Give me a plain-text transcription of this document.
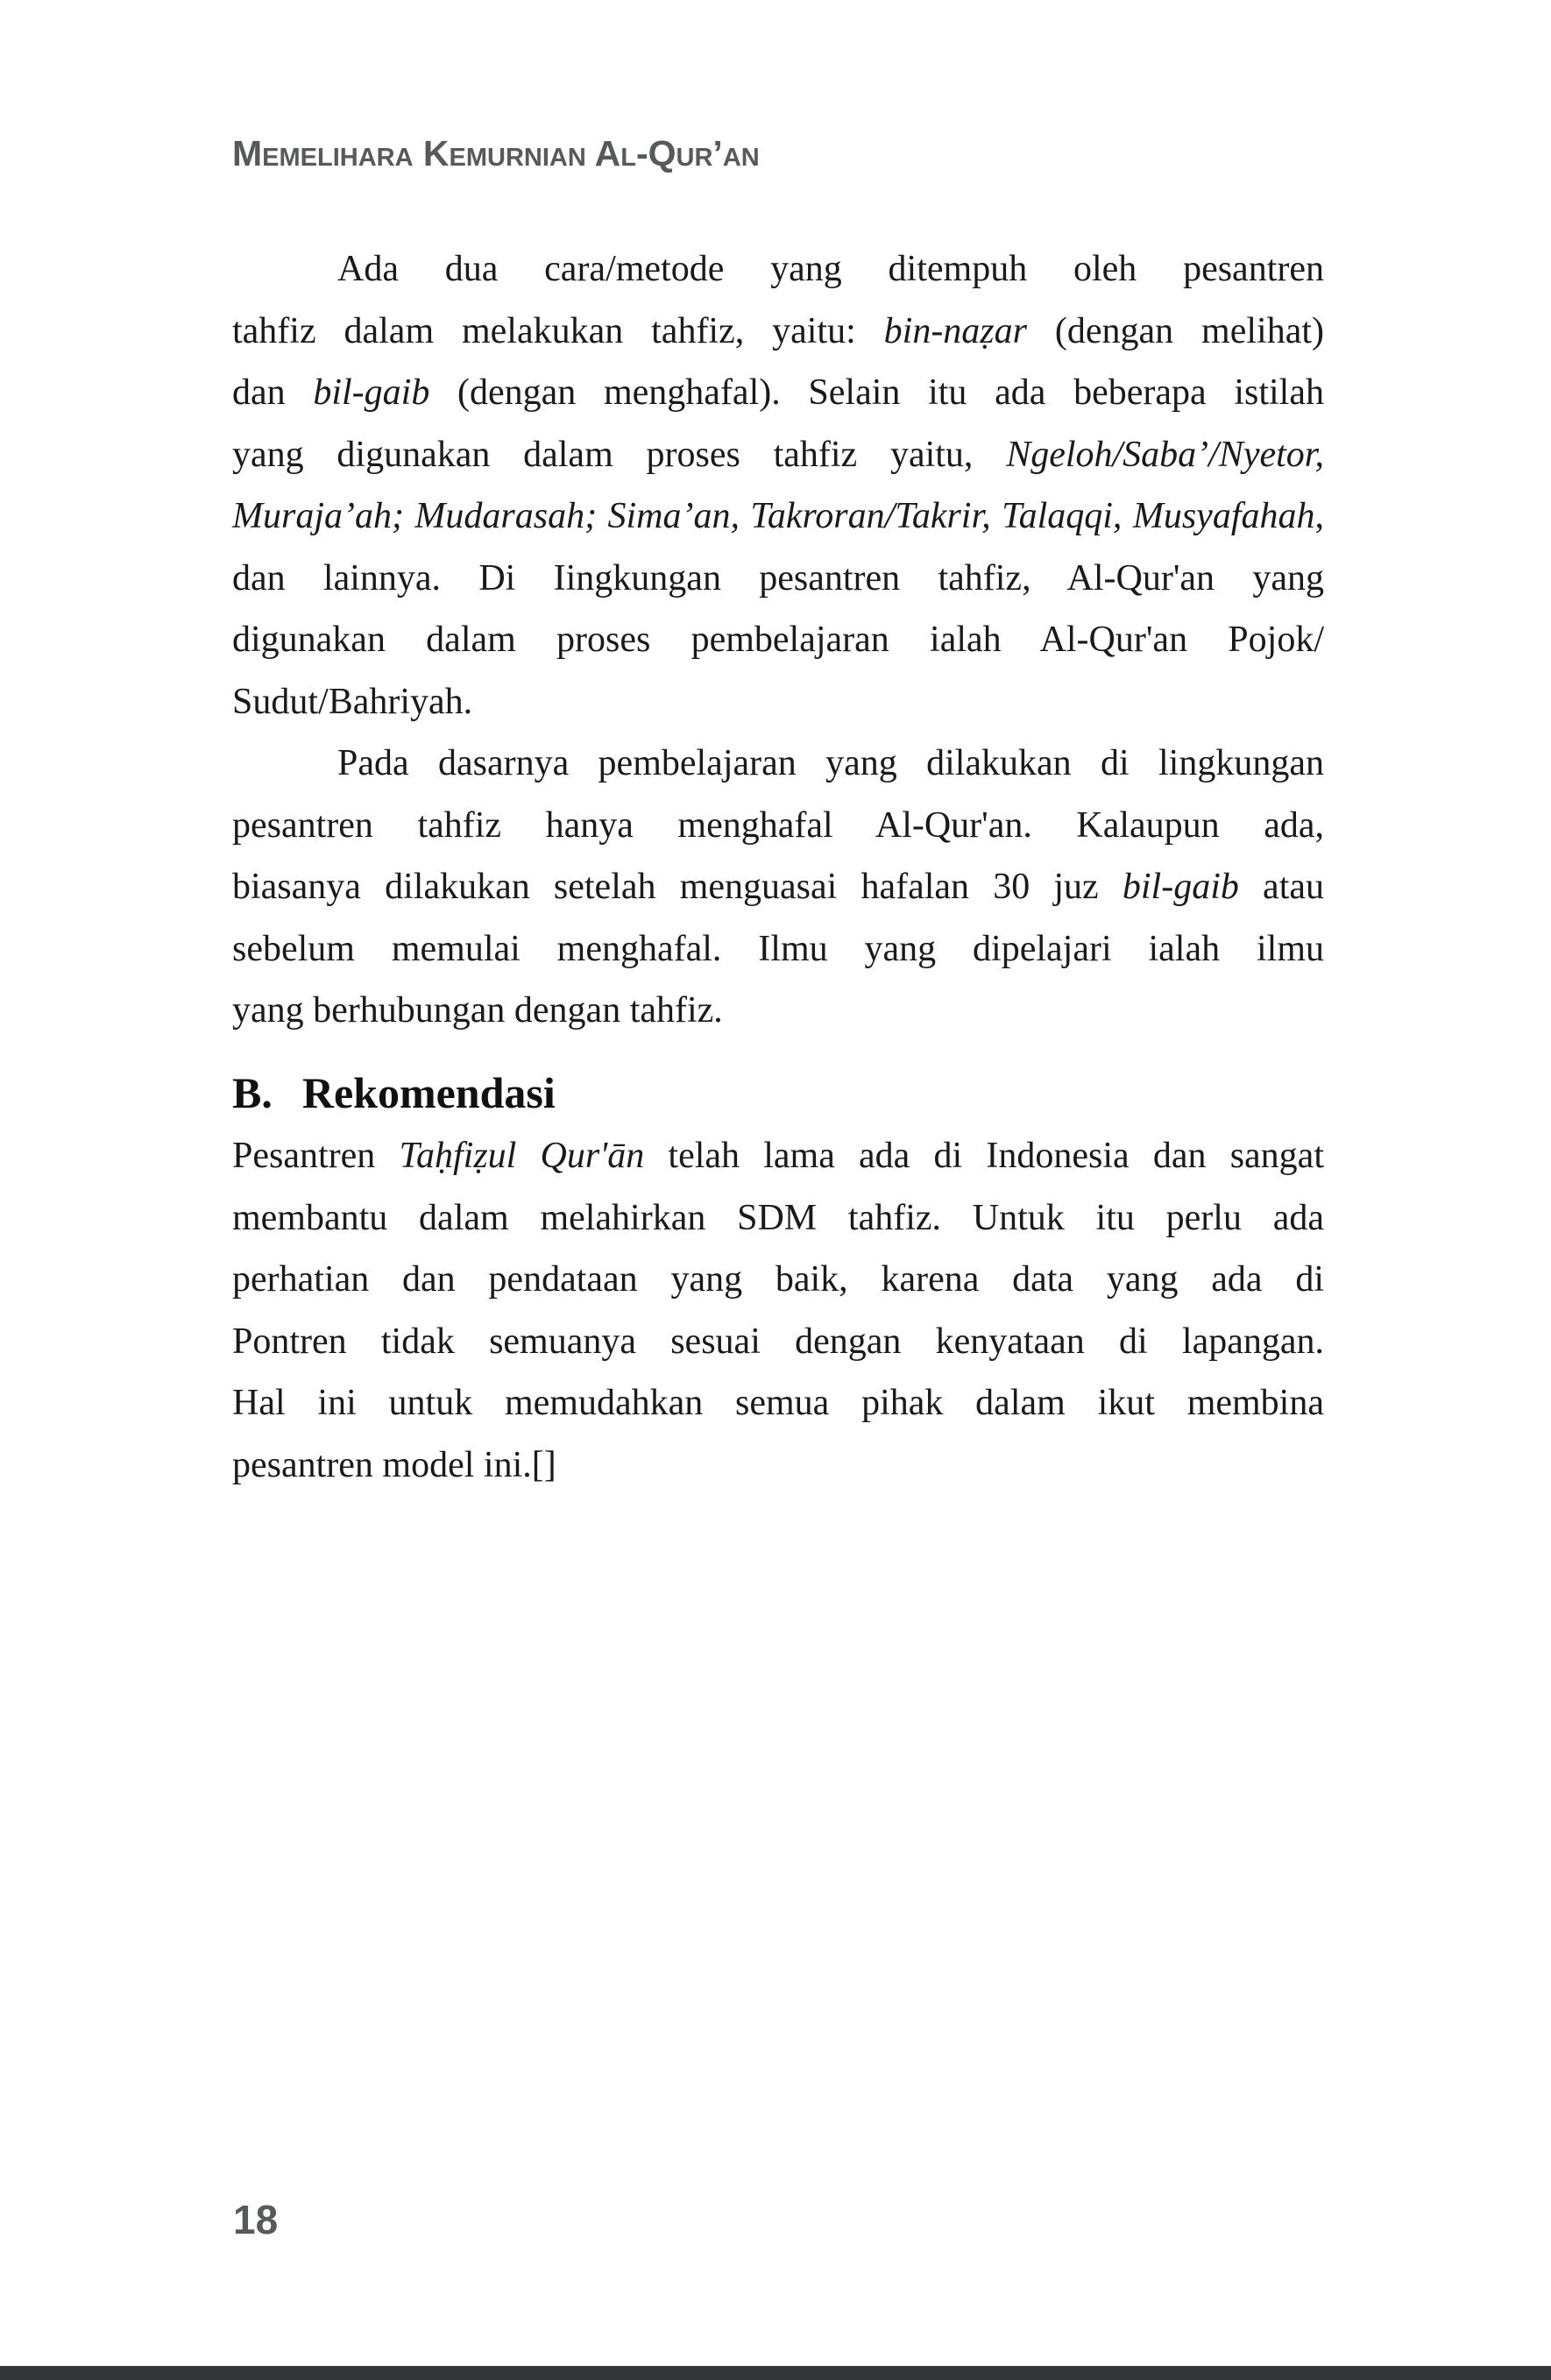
Memelihara Kemurnian Al-Qur’an
Ada dua cara/metode yang ditempuh oleh pesantren
tahfiz dalam melakukan tahfiz, yaitu: bin-naẓar (dengan melihat)
dan bil-gaib (dengan menghafal). Selain itu ada beberapa istilah
yang digunakan dalam proses tahfiz yaitu, Ngeloh/Saba’/Nyetor,
Muraja’ah; Mudarasah; Sima’an, Takroran/Takrir, Talaqqi, Musyafahah,
dan lainnya. Di Iingkungan pesantren tahfiz, Al-Qur'an yang
digunakan dalam proses pembelajaran ialah Al-Qur'an Pojok/
Sudut/Bahriyah.
Pada dasarnya pembelajaran yang dilakukan di lingkungan
pesantren tahfiz hanya menghafal Al-Qur'an. Kalaupun ada,
biasanya dilakukan setelah menguasai hafalan 30 juz bil-gaib atau
sebelum memulai menghafal. Ilmu yang dipelajari ialah ilmu
yang berhubungan dengan tahfiz.
B. Rekomendasi
Pesantren Taḥfiẓul Qur'ān telah lama ada di Indonesia dan sangat
membantu dalam melahirkan SDM tahfiz. Untuk itu perlu ada
perhatian dan pendataan yang baik, karena data yang ada di
Pontren tidak semuanya sesuai dengan kenyataan di lapangan.
Hal ini untuk memudahkan semua pihak dalam ikut membina
pesantren model ini.[]
18
